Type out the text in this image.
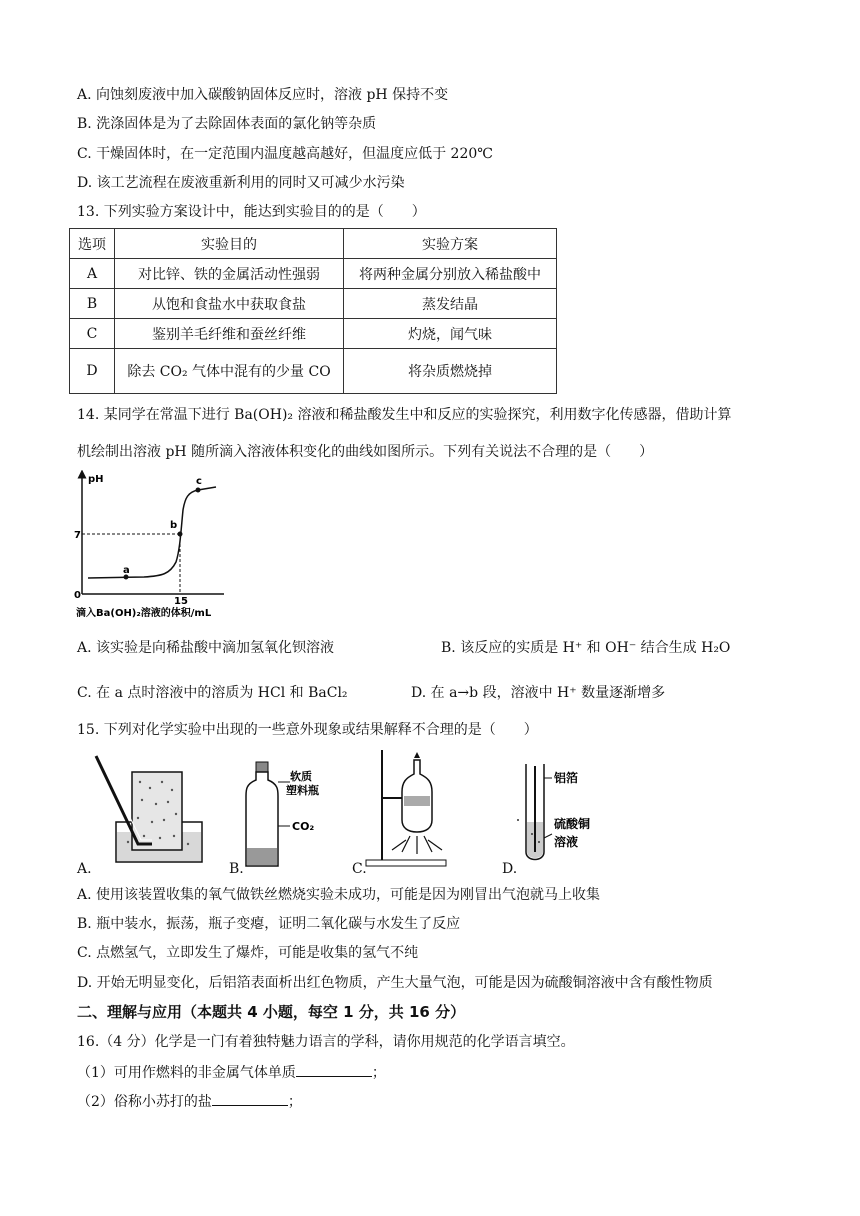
A. 向蚀刻废液中加入碳酸钠固体反应时，溶液 pH 保持不变
B. 洗涤固体是为了去除固体表面的氯化钠等杂质
C. 干燥固体时，在一定范围内温度越高越好，但温度应低于 220℃
D. 该工艺流程在废液重新利用的同时又可减少水污染
13. 下列实验方案设计中，能达到实验目的的是（　　）
选项	实验目的	实验方案
A	对比锌、铁的金属活动性强弱	将两种金属分别放入稀盐酸中
B	从饱和食盐水中获取食盐	蒸发结晶
C	鉴别羊毛纤维和蚕丝纤维	灼烧，闻气味
D	除去 CO₂ 气体中混有的少量 CO	将杂质燃烧掉
14. 某同学在常温下进行 Ba(OH)₂ 溶液和稀盐酸发生中和反应的实验探究，利用数字化传感器，借助计算
机绘制出溶液 pH 随所滴入溶液体积变化的曲线如图所示。下列有关说法不合理的是（　　）
pH
7
0
15
滴入Ba(OH)₂溶液的体积/mL
a
b
c
A. 该实验是向稀盐酸中滴加氢氧化钡溶液	B. 该反应的实质是 H⁺ 和 OH⁻ 结合生成 H₂O
C. 在 a 点时溶液中的溶质为 HCl 和 BaCl₂	D. 在 a→b 段，溶液中 H⁺ 数量逐渐增多
15. 下列对化学实验中出现的一些意外现象或结果解释不合理的是（　　）
A.
软质
塑料瓶
CO₂
B.	C.
铝箔
硫酸铜
溶液
D.
A. 使用该装置收集的氧气做铁丝燃烧实验未成功，可能是因为刚冒出气泡就马上收集
B. 瓶中装水，振荡，瓶子变瘪，证明二氧化碳与水发生了反应
C. 点燃氢气，立即发生了爆炸，可能是收集的氢气不纯
D. 开始无明显变化，后铝箔表面析出红色物质，产生大量气泡，可能是因为硫酸铜溶液中含有酸性物质
二、理解与应用（本题共 4 小题，每空 1 分，共 16 分）
16.（4 分）化学是一门有着独特魅力语言的学科，请你用规范的化学语言填空。
（1）可用作燃料的非金属气体单质	；
（2）俗称小苏打的盐	；
